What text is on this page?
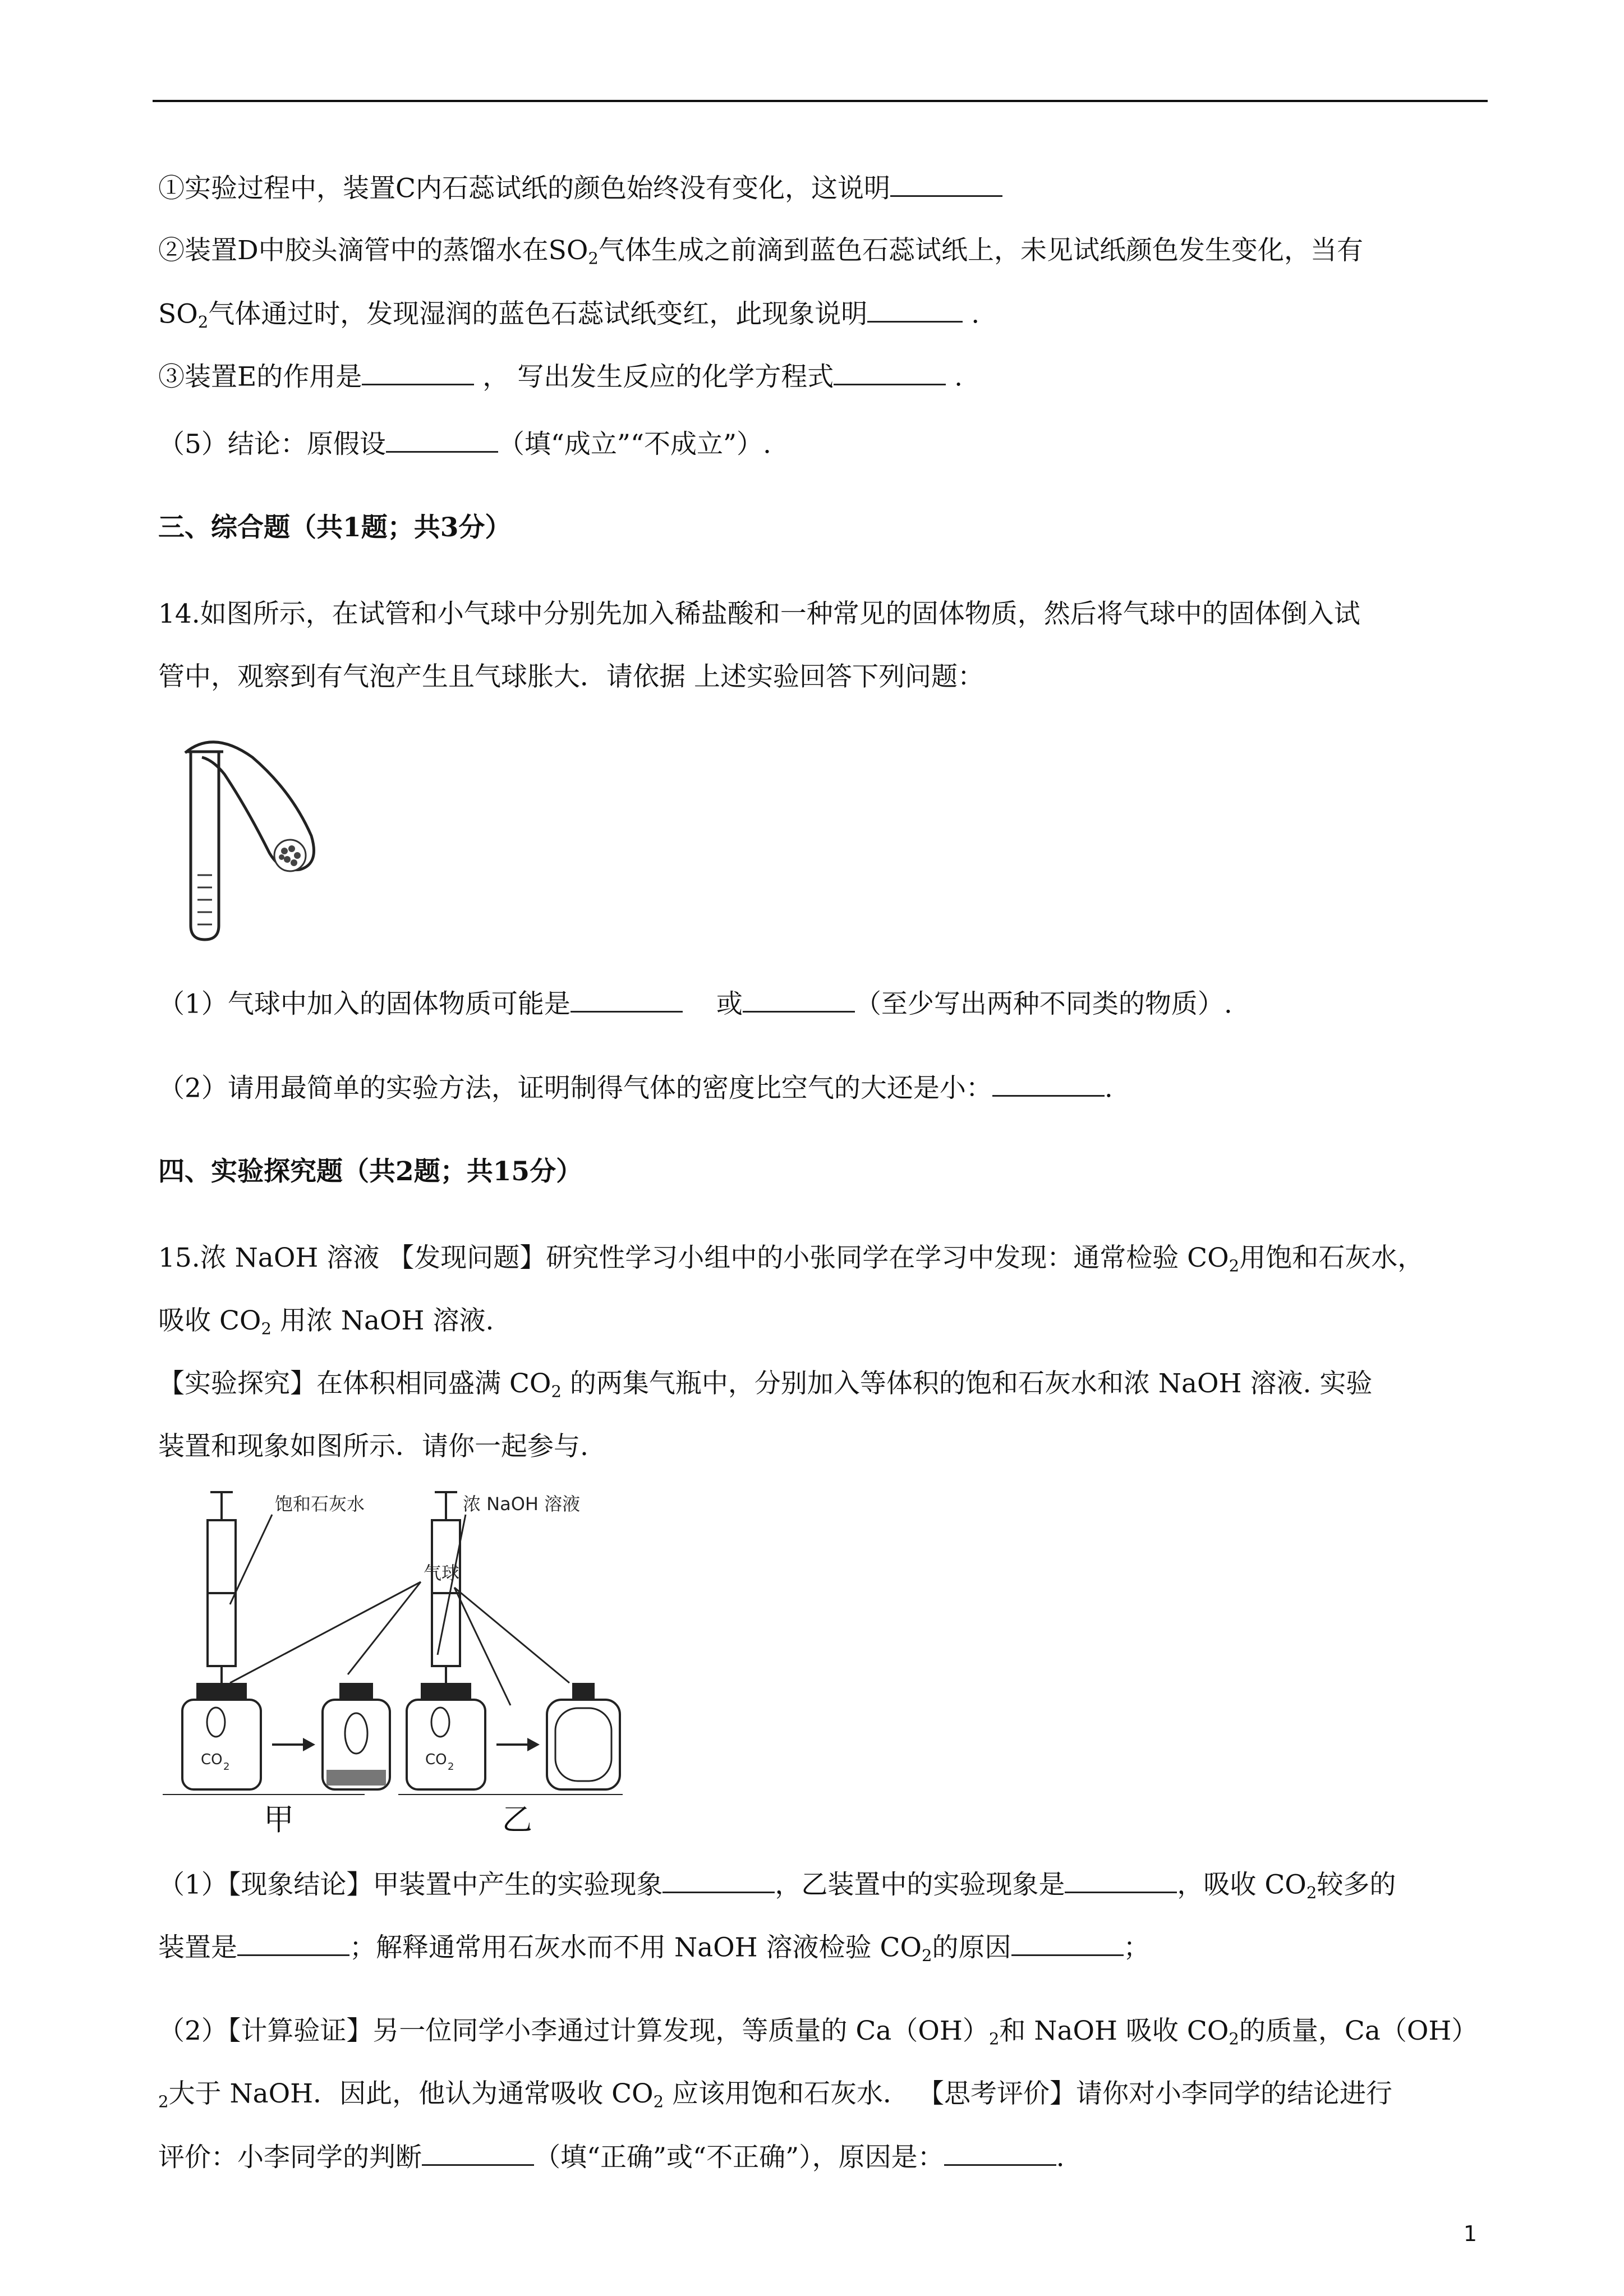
①实验过程中，装置C内石蕊试纸的颜色始终没有变化，这说明
②装置D中胶头滴管中的蒸馏水在$SO_2$气体生成之前滴到蓝色石蕊试纸上，未见试纸颜色发生变化，当有
$SO_2$气体通过时，发现湿润的蓝色石蕊试纸变红，此现象说明	.
③装置E的作用是	， 写出发生反应的化学方程式	.
（5）结论：原假设	（填“成立”“不成立”）.
三、综合题（共1题；共3分）
14.如图所示，在试管和小气球中分别先加入稀盐酸和一种常见的固体物质，然后将气球中的固体倒入试
管中，观察到有气泡产生且气球胀大．请依据 上述实验回答下列问题：
（1）气球中加入的固体物质可能是	或	（至少写出两种不同类的物质）.
（2）请用最简单的实验方法，证明制得气体的密度比空气的大还是小：	.
四、实验探究题（共2题；共15分）
15.浓 NaOH 溶液 【发现问题】研究性学习小组中的小张同学在学习中发现：通常检验 $CO_2$用饱和石灰水，
吸收 $CO_2$ 用浓 NaOH 溶液.
【实验探究】在体积相同盛满 $CO_2$ 的两集气瓶中，分别加入等体积的饱和石灰水和浓 NaOH 溶液. 实验
装置和现象如图所示．请你一起参与.
饱和石灰水
CO 2
气球
浓 NaOH 溶液
CO 2
甲	乙
（1）【现象结论】甲装置中产生的实验现象	，乙装置中的实验现象是	，吸收 $CO_2$较多的
装置是	；解释通常用石灰水而不用 NaOH 溶液检验 $CO_2$的原因	；
（2）【计算验证】另一位同学小李通过计算发现，等质量的 $Ca(OH)_2$和 NaOH 吸收 $CO_2$的质量，Ca（OH）
$_2$大于 NaOH．因此，他认为通常吸收 $CO_2$ 应该用饱和石灰水． 【思考评价】请你对小李同学的结论进行
评价：小李同学的判断	（填“正确”或“不正确”），原因是：	.
1
